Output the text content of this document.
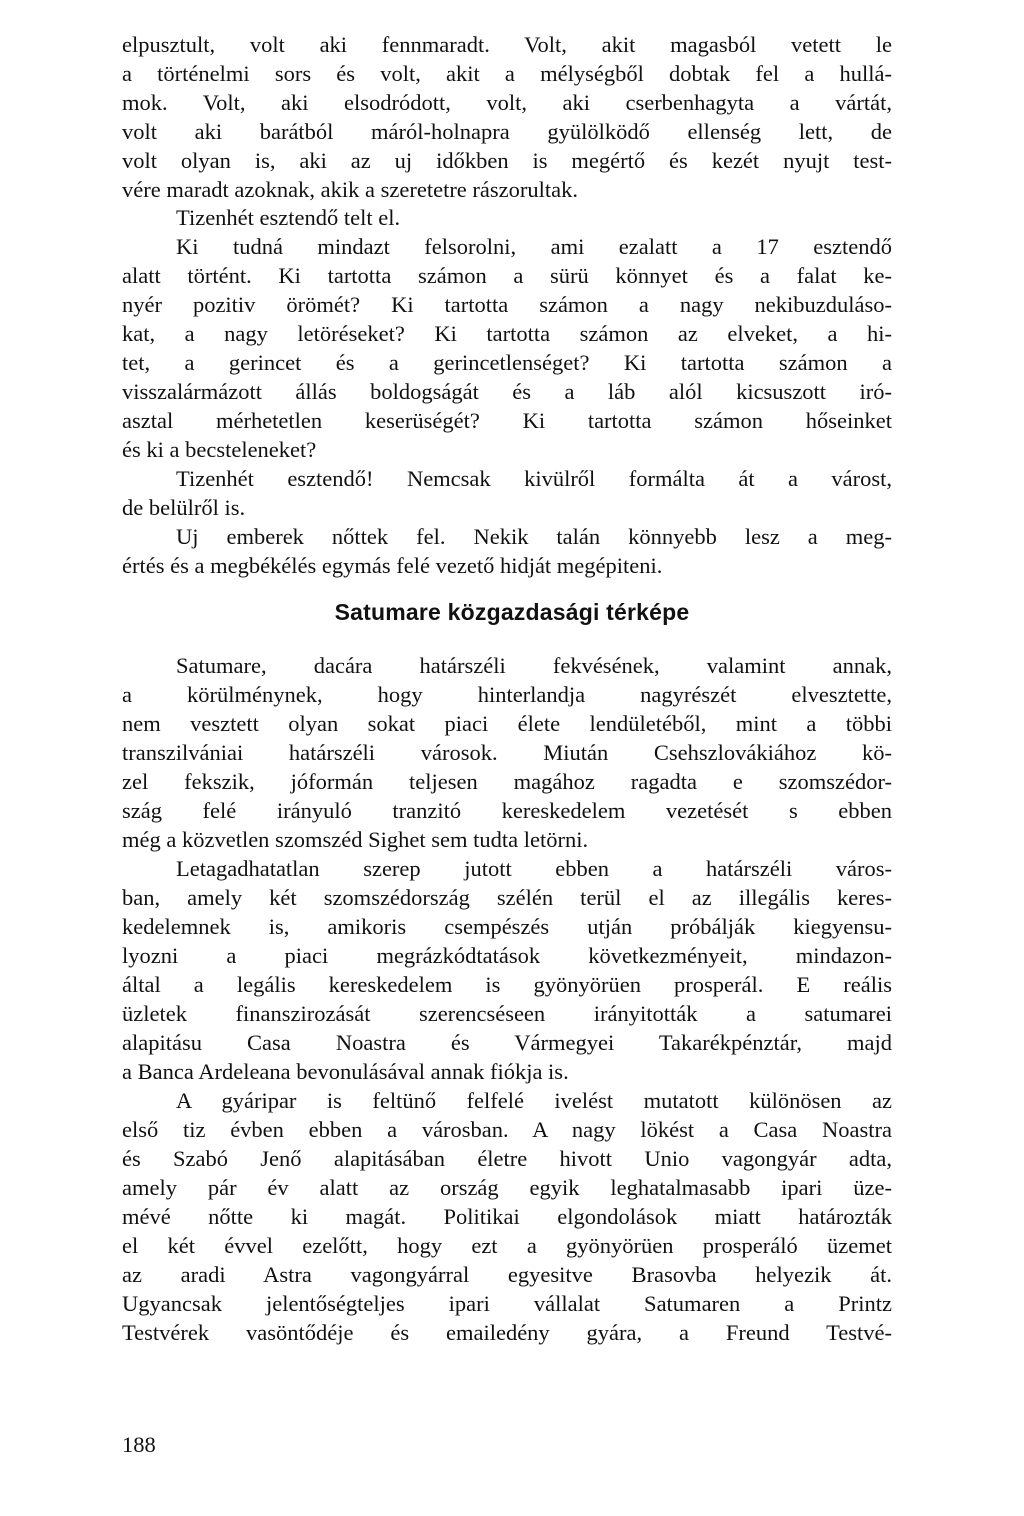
elpusztult, volt aki fennmaradt. Volt, akit magasból vetett le
a történelmi sors és volt, akit a mélységből dobtak fel a hullá-
mok. Volt, aki elsodródott, volt, aki cserbenhagyta a vártát,
volt aki barátból máról-holnapra gyülölködő ellenség lett, de
volt olyan is, aki az uj időkben is megértő és kezét nyujt test-
vére maradt azoknak, akik a szeretetre rászorultak.
Tizenhét esztendő telt el.
Ki tudná mindazt felsorolni, ami ezalatt a 17 esztendő
alatt történt. Ki tartotta számon a sürü könnyet és a falat ke-
nyér pozitiv örömét? Ki tartotta számon a nagy nekibuzduláso-
kat, a nagy letöréseket? Ki tartotta számon az elveket, a hi-
tet, a gerincet és a gerincetlenséget? Ki tartotta számon a
visszalármázott állás boldogságát és a láb alól kicsuszott iró-
asztal mérhetetlen keserüségét? Ki tartotta számon hőseinket
és ki a becsteleneket?
Tizenhét esztendő! Nemcsak kivülről formálta át a várost,
de belülről is.
Uj emberek nőttek fel. Nekik talán könnyebb lesz a meg-
értés és a megbékélés egymás felé vezető hidját megépiteni.
Satumare közgazdasági térképe
Satumare, dacára határszéli fekvésének, valamint annak,
a körülménynek, hogy hinterlandja nagyrészét elvesztette,
nem vesztett olyan sokat piaci élete lendületéből, mint a többi
transzilvániai határszéli városok. Miután Csehszlovákiához kö-
zel fekszik, jóformán teljesen magához ragadta e szomszédor-
szág felé irányuló tranzitó kereskedelem vezetését s ebben
még a közvetlen szomszéd Sighet sem tudta letörni.
Letagadhatatlan szerep jutott ebben a határszéli város-
ban, amely két szomszédország szélén terül el az illegális keres-
kedelemnek is, amikoris csempészés utján próbálják kiegyensu-
lyozni a piaci megrázkódtatások következményeit, mindazon-
által a legális kereskedelem is gyönyörüen prosperál. E reális
üzletek finanszirozását szerencséseen irányitották a satumarei
alapitásu Casa Noastra és Vármegyei Takarékpénztár, majd
a Banca Ardeleana bevonulásával annak fiókja is.
A gyáripar is feltünő felfelé ivelést mutatott különösen az
első tiz évben ebben a városban. A nagy lökést a Casa Noastra
és Szabó Jenő alapitásában életre hivott Unio vagongyár adta,
amely pár év alatt az ország egyik leghatalmasabb ipari üze-
mévé nőtte ki magát. Politikai elgondolások miatt határozták
el két évvel ezelőtt, hogy ezt a gyönyörüen prosperáló üzemet
az aradi Astra vagongyárral egyesitve Brasovba helyezik át.
Ugyancsak jelentőségteljes ipari vállalat Satumaren a Printz
Testvérek vasöntődéje és emailedény gyára, a Freund Testvé-
188
